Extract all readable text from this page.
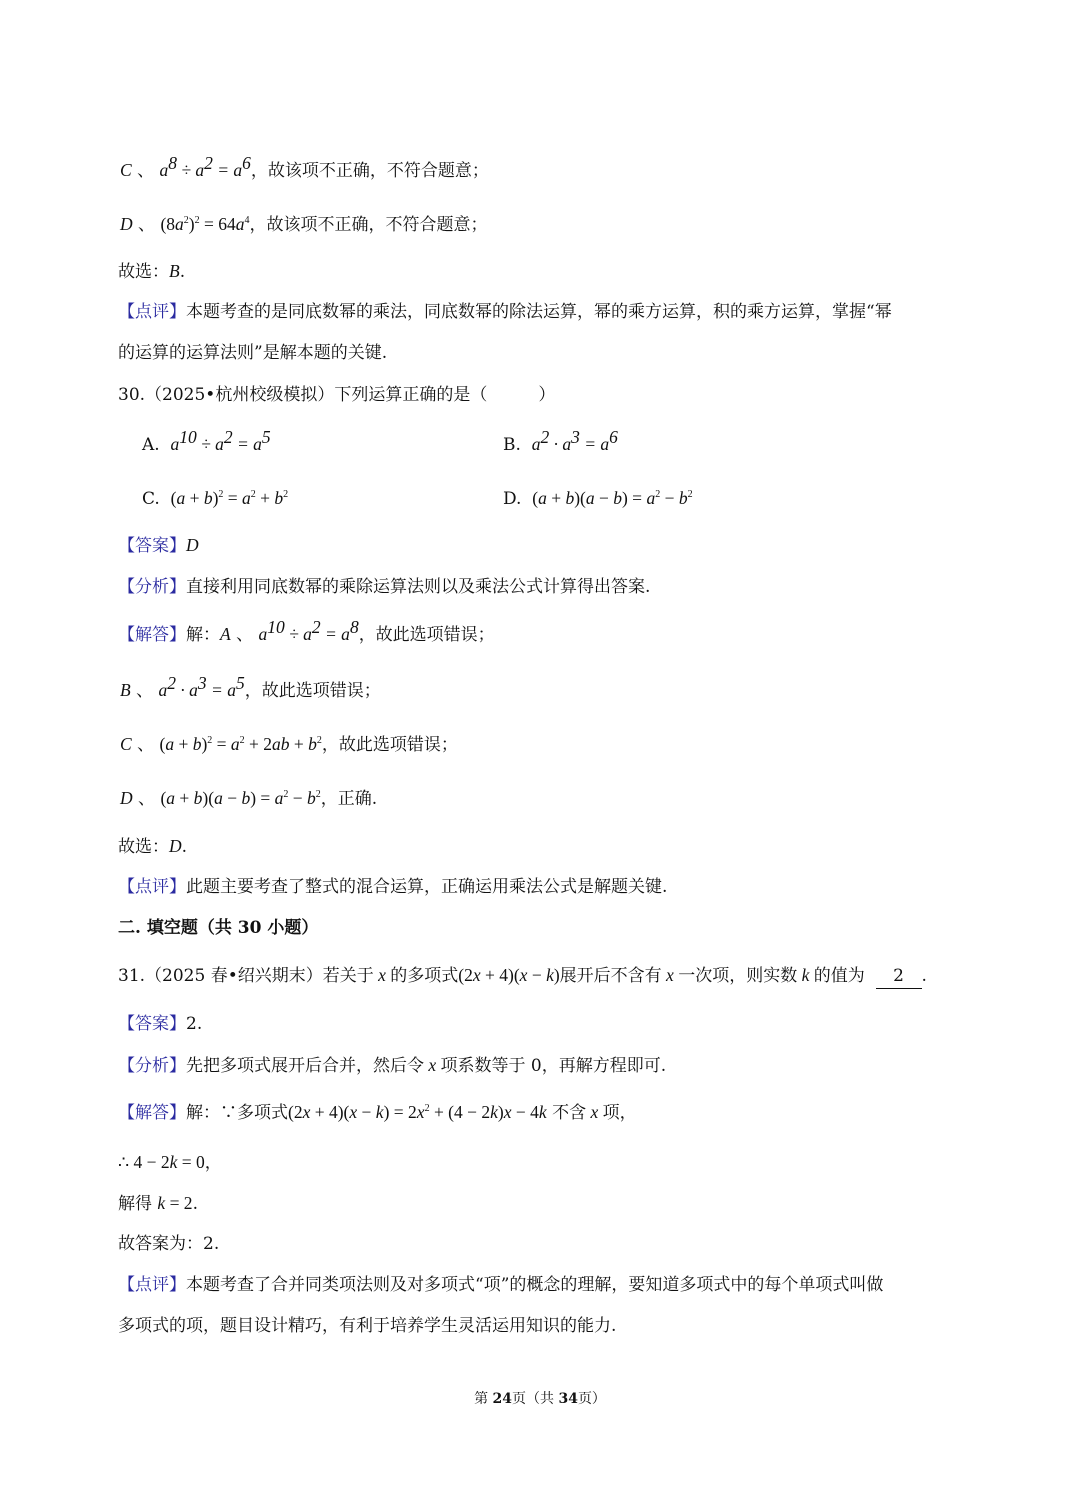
C 、 $a^8 \div a^2 = a^6$，故该项不正确，不符合题意；
D 、 $(8a^2)^2 = 64a^4$，故该项不正确，不符合题意；
故选：B.
【点评】本题考查的是同底数幂的乘法，同底数幂的除法运算，幂的乘方运算，积的乘方运算，掌握“幂
的运算的运算法则”是解本题的关键.
30.（2025•杭州校级模拟）下列运算正确的是（　　　）
A. $a^{10} \div a^2 = a^5$	B. $a^2 \cdot a^3 = a^6$
C. $(a + b)^2 = a^2 + b^2$	D. $(a + b)(a - b) = a^2 - b^2$
【答案】D
【分析】直接利用同底数幂的乘除运算法则以及乘法公式计算得出答案.
【解答】解：A 、 $a^{10} \div a^2 = a^8$，故此选项错误；
B 、 $a^2 \cdot a^3 = a^5$，故此选项错误；
C 、 $(a + b)^2 = a^2 + 2ab + b^2$，故此选项错误；
D 、 $(a + b)(a - b) = a^2 - b^2$，正确.
故选：D.
【点评】此题主要考查了整式的混合运算，正确运用乘法公式是解题关键.
二. 填空题（共 30 小题）
31.（2025 春•绍兴期末）若关于 x 的多项式(2x + 4)(x − k)展开后不含有 x 一次项，则实数 k 的值为 2 .
【答案】2.
【分析】先把多项式展开后合并，然后令 x 项系数等于 0，再解方程即可.
【解答】解：∵多项式$(2x + 4)(x - k) = 2x^2 + (4 - 2k)x - 4k$ 不含 x 项，
∴ 4 − 2k = 0，
解得 k = 2.
故答案为：2.
【点评】本题考查了合并同类项法则及对多项式“项”的概念的理解，要知道多项式中的每个单项式叫做
多项式的项，题目设计精巧，有利于培养学生灵活运用知识的能力.
第 24页（共 34页）
